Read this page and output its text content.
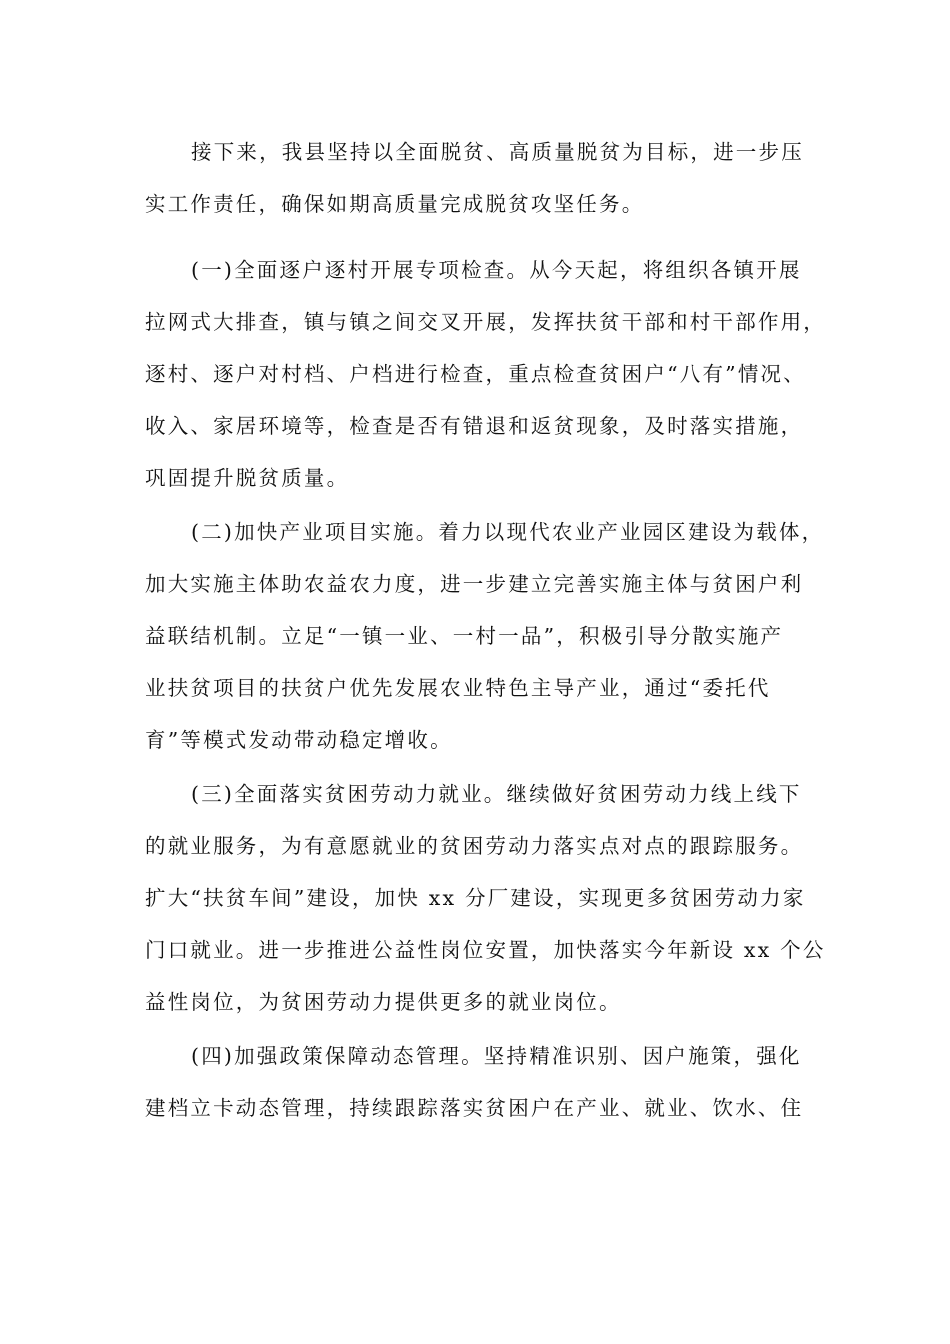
接下来，我县坚持以全面脱贫、高质量脱贫为目标，进一步压
实工作责任，确保如期高质量完成脱贫攻坚任务。
(一)全面逐户逐村开展专项检查。从今天起，将组织各镇开展
拉网式大排查，镇与镇之间交叉开展，发挥扶贫干部和村干部作用，
逐村、逐户对村档、户档进行检查，重点检查贫困户“八有”情况、
收入、家居环境等，检查是否有错退和返贫现象，及时落实措施，
巩固提升脱贫质量。
(二)加快产业项目实施。着力以现代农业产业园区建设为载体，
加大实施主体助农益农力度，进一步建立完善实施主体与贫困户利
益联结机制。立足“一镇一业、一村一品”，积极引导分散实施产
业扶贫项目的扶贫户优先发展农业特色主导产业，通过“委托代
育”等模式发动带动稳定增收。
(三)全面落实贫困劳动力就业。继续做好贫困劳动力线上线下
的就业服务，为有意愿就业的贫困劳动力落实点对点的跟踪服务。
扩大“扶贫车间”建设，加快 xx 分厂建设，实现更多贫困劳动力家
门口就业。进一步推进公益性岗位安置，加快落实今年新设 xx 个公
益性岗位，为贫困劳动力提供更多的就业岗位。
(四)加强政策保障动态管理。坚持精准识别、因户施策，强化
建档立卡动态管理，持续跟踪落实贫困户在产业、就业、饮水、住
